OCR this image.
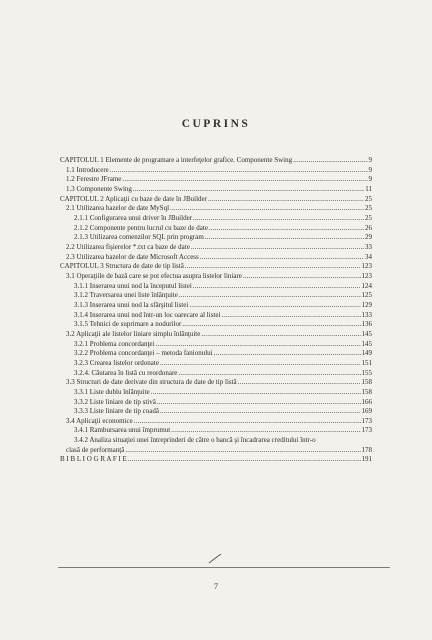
CUPRINS
CAPITOLUL 1 Elemente de programare a interfeţelor grafice. Componente Swing .....	9
1.1 Introducere .....	9
1.2 Ferestre JFrame .....	9
1.3 Componente Swing .....	11
CAPITOLUL 2 Aplicaţii cu baze de date în JBuilder .....	25
2.1 Utilizarea bazelor de date MySql .....	25
2.1.1 Configurarea unui driver în JBuilder .....	25
2.1.2 Componente pentru lucrul cu baze de date .....	26
2.1.3 Utilizarea comenzilor SQL prin program .....	29
2.2 Utilizarea fişierelor *.txt ca baze de date .....	33
2.3 Utilizarea bazelor de date Microsoft Access .....	34
CAPITOLUL 3 Structura de date de tip listă .....	123
3.1 Operaţiile de bază care se pot efectua asupra listelor liniare .....	123
3.1.1 Inserarea unui nod la începutul listei .....	124
3.1.2 Traversarea unei liste înlănţuite .....	125
3.1.3 Inserarea unui nod la sfârşitul listei .....	129
3.1.4 Inserarea unui nod într-un loc oarecare al listei .....	133
3.1.5 Tehnici de suprimare a nodurilor .....	136
3.2 Aplicaţii ale listelor liniare simplu înlănţuite .....	145
3.2.1 Problema concordanţei .....	145
3.2.2 Problema concordanţei – metoda fanionului .....	149
3.2.3 Crearea listelor ordonate .....	151
3.2.4. Căutarea în listă cu reordonare .....	155
3.3 Structuri de date derivate din structura de date de tip listă .....	158
3.3.1 Liste dublu înlănţuite .....	158
3.3.2 Liste liniare de tip stivă .....	166
3.3.3 Liste liniare de tip coadă .....	169
3.4 Aplicaţii economice .....	173
3.4.1 Rambursarea unui împrumut .....	173
3.4.2 Analiza situaţiei unei întreprinderi de către o bancă şi încadrarea creditului într-o
clasă de performanţă .....	178
B I B L I O G R A F I E .....	191
7
